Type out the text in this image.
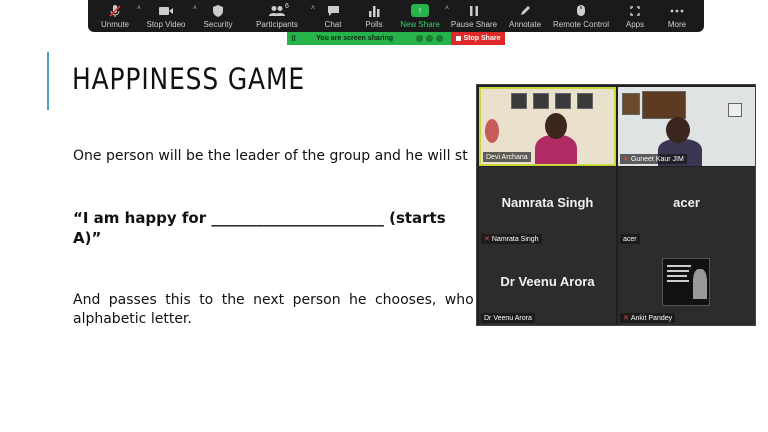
HAPPINESS GAME
One person will be the leader of the group and he will st
“I am happy for _______________________ (starts
A)”
And passes this to the next person he chooses, who
alphabetic letter.
Unmute
˄
Stop Video
˄
Security
6
Participants
˄
Chat	Polls
↑
New Share
˄
Pause Share Annotate Remote Control Apps	More
⠿	You are screen sharing	Stop Share
Devi Archana	✕ Guneet Kaur JIM
Namrata Singh
✕ Namrata Singh
acer
acer
Dr Veenu Arora
Dr Veenu Arora	✕ Ankit Pandey
